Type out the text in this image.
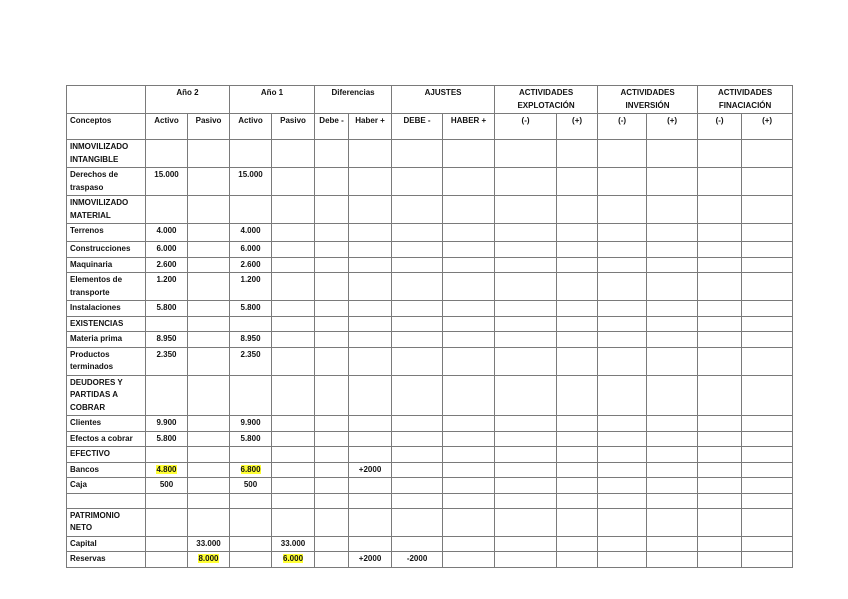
	Año 2		Año 1		Diferencias		AJUSTES		ACTIVIDADES EXPLOTACIÓN		ACTIVIDADES INVERSIÓN		ACTIVIDADES FINACIACIÓN	
Conceptos	Activo	Pasivo	Activo	Pasivo	Debe -	Haber +	DEBE -	HABER +	(-)	(+)	(-)	(+)	(-)	(+)
INMOVILIZADO INTANGIBLE														
Derechos de traspaso	15.000		15.000											
INMOVILIZADO MATERIAL														
Terrenos	4.000		4.000											
Construcciones	6.000		6.000											
Maquinaria	2.600		2.600											
Elementos de transporte	1.200		1.200											
Instalaciones	5.800		5.800											
EXISTENCIAS														
Materia prima	8.950		8.950											
Productos terminados	2.350		2.350											
DEUDORES Y PARTIDAS A COBRAR														
Clientes	9.900		9.900											
Efectos a cobrar	5.800		5.800											
EFECTIVO														
Bancos	4.800		6.800			+2000								
Caja	500		500											

PATRIMONIO NETO														
Capital		33.000		33.000										
Reservas		8.000		6.000		+2000	-2000							
